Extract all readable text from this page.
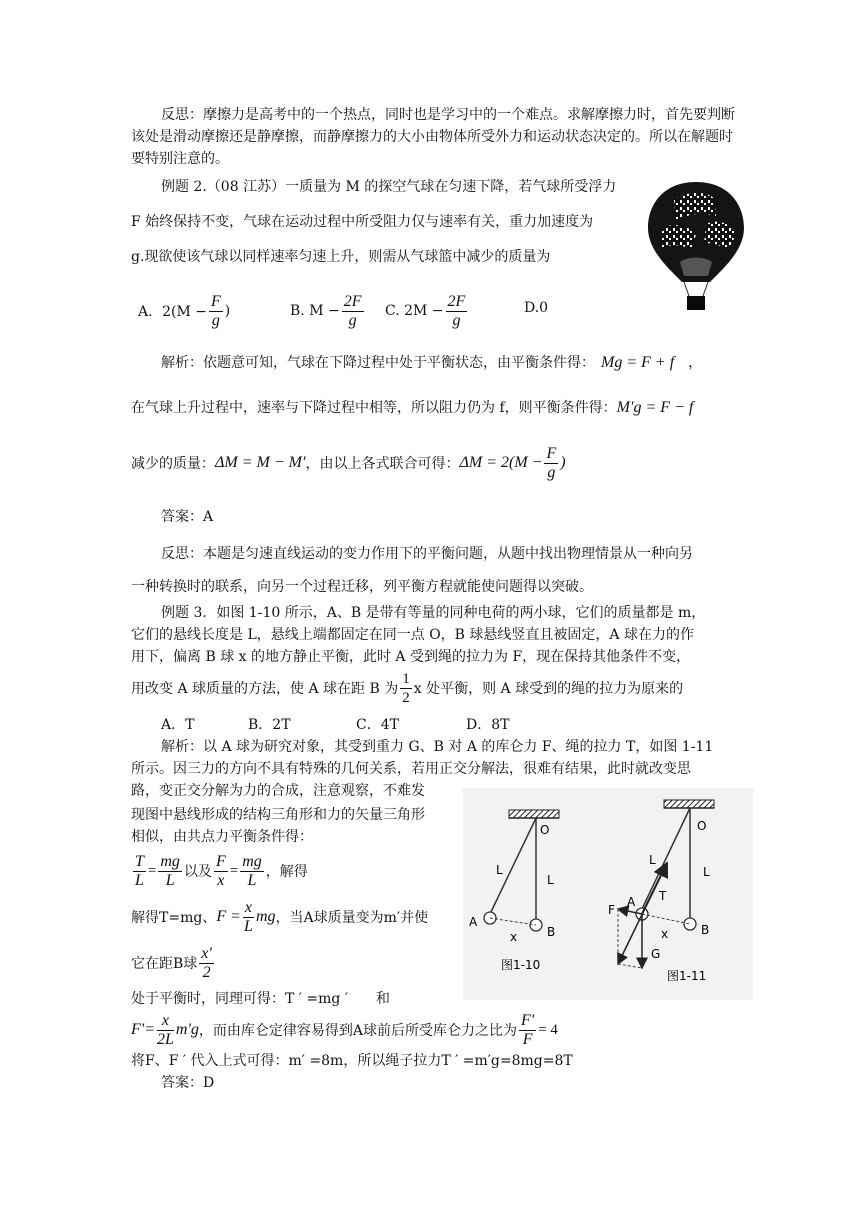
反思：摩擦力是高考中的一个热点，同时也是学习中的一个难点。求解摩擦力时，首先要判断该处是滑动摩擦还是静摩擦，而静摩擦力的大小由物体所受外力和运动状态决定的。所以在解题时要特别注意的。
例题 2.（08 江苏）一质量为 M 的探空气球在匀速下降，若气球所受浮力
F 始终保持不变，气球在运动过程中所受阻力仅与速率有关，重力加速度为
g.现欲使该气球以同样速率匀速上升，则需从气球篮中减少的质量为
A．$2(M - \frac{F}{g}$ )	B. $M - \frac{2F}{g} C$. $2M - \frac{2F}{g}$	D.0
解析：依题意可知，气球在下降过程中处于平衡状态，由平衡条件得： Mg = F + f ，
在气球上升过程中，速率与下降过程中相等，所以阻力仍为 f，则平衡条件得：M′g = F − f
减少的质量： ΔM = M − M′ ，由以上各式联合可得： $\Delta M = 2(M - \frac{F}{g}$ )
答案：A
反思：本题是匀速直线运动的变力作用下的平衡问题，从题中找出物理情景从一种向另
一种转换时的联系，向另一个过程迁移，列平衡方程就能使问题得以突破。
例题 3．如图 1-10 所示，A、B 是带有等量的同种电荷的两小球，它们的质量都是 m，
它们的悬线长度是 L，悬线上端都固定在同一点 O，B 球悬线竖直且被固定，A 球在力的作
用下，偏离 B 球 x 的地方静止平衡，此时 A 受到绳的拉力为 F，现在保持其他条件不变，
用改变 A 球质量的方法，使 A 球在距 B 为 $\frac{1}{2}$ x 处平衡，则 A 球受到的绳的拉力为原来的
A．T	B．2T	C．4T	D．8T
解析：以 A 球为研究对象，其受到重力 G、B 对 A 的库仑力 F、绳的拉力 T，如图 1-11
所示。因三力的方向不具有特殊的几何关系，若用正交分解法，很难有结果，此时就改变思
路，变正交分解为力的合成，注意观察，不难发
现图中悬线形成的结构三角形和力的矢量三角形
相似，由共点力平衡条件得：
$\frac{T}{L} = \frac{mg}{L}$ 以及 $\frac{F}{x} = \frac{mg}{L}$ ，解得
解得T=mg、 $F = \frac{x}{L}$ mg ，当A球质量变为m′并使
它在距B球 $\frac{x'}{2}$
处于平衡时，同理可得：T ′ =mg ′　　和
$F'= \frac{x}{2L} m'g$ ，而由库仑定律容易得到A球前后所受库仑力之比为 $\frac{F'}{F} = 4$
将F、F ′ 代入上式可得：m′ =8m，所以绳子拉力T ′ =m′g=8mg=8T
答案：D
O
L
L
A
B
x
图1-10
O
L
L
A
B
x
F
T
G
图1-11
